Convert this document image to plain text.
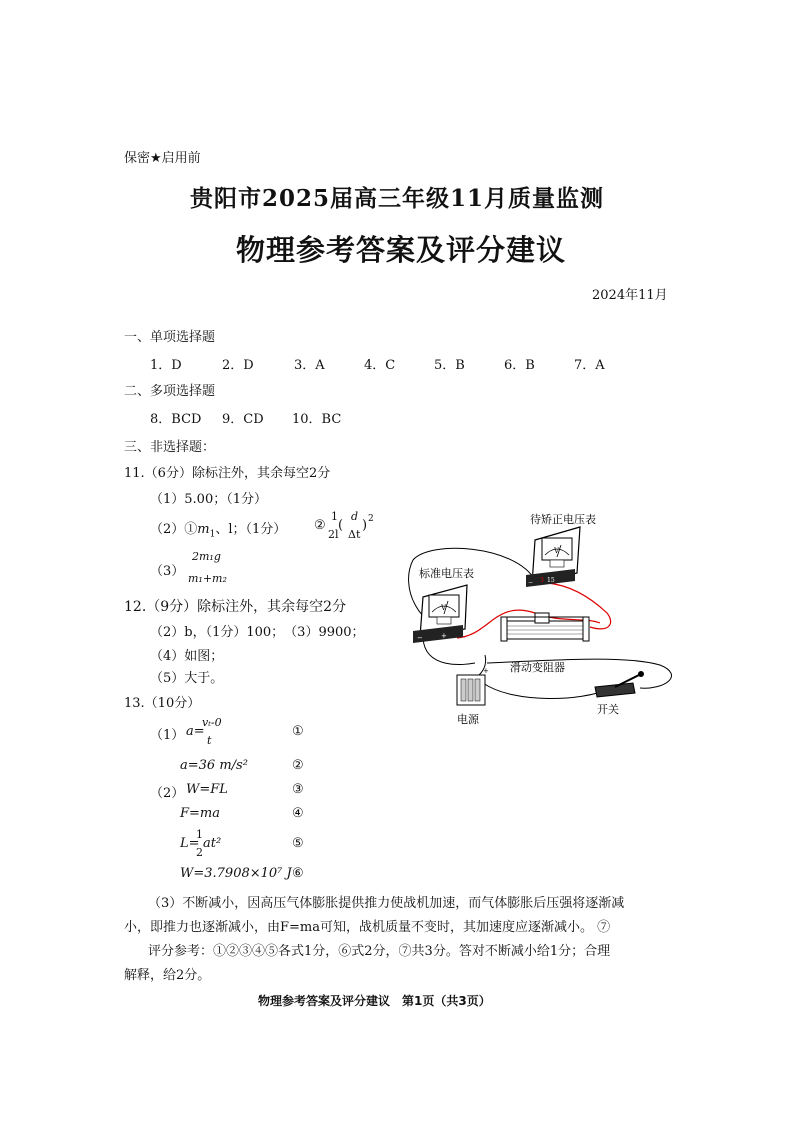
保密★启用前
贵阳市2025届高三年级11月质量监测
物理参考答案及评分建议
2024年11月
一、单项选择题
1．D	2．D	3．A	4．C	5．B	6．B	7．A
二、多项选择题
8．BCD 9．CD 10．BC
三、非选择题：
11.（6分）除标注外，其余每空2分
（1）5.00；（1分）
$(2)①m_1$、l；（1分） ②
1
2l
(
d
Δt
) 2
（3）
2m₁g
m₁+m₂
12.（9分）除标注外，其余每空2分
（2）b，（1分）100；　（3）9900；
（4）如图；
（5）大于。
13.（10分）
（1） a=
vₜ-0
t
①
a=36 m/s²	②
（2） W=FL	③
F=ma	④
L=
1
2
at²	⑤
W=3.7908×10⁷ J ⑥
（3）不断减小，因高压气体膨胀提供推力使战机加速，而气体膨胀后压强将逐渐减
小，即推力也逐渐减小，由F=ma可知，战机质量不变时，其加速度应逐渐减小。 ⑦
评分参考：①②③④⑤各式1分，⑥式2分，⑦共3分。答对不断减小给1分；合理
解释，给2分。
− 3 15
V
待矫正电压表
−	+
V
标准电压表
滑动变阻器
+
电源
开关
物理参考答案及评分建议　第1页（共3页）
